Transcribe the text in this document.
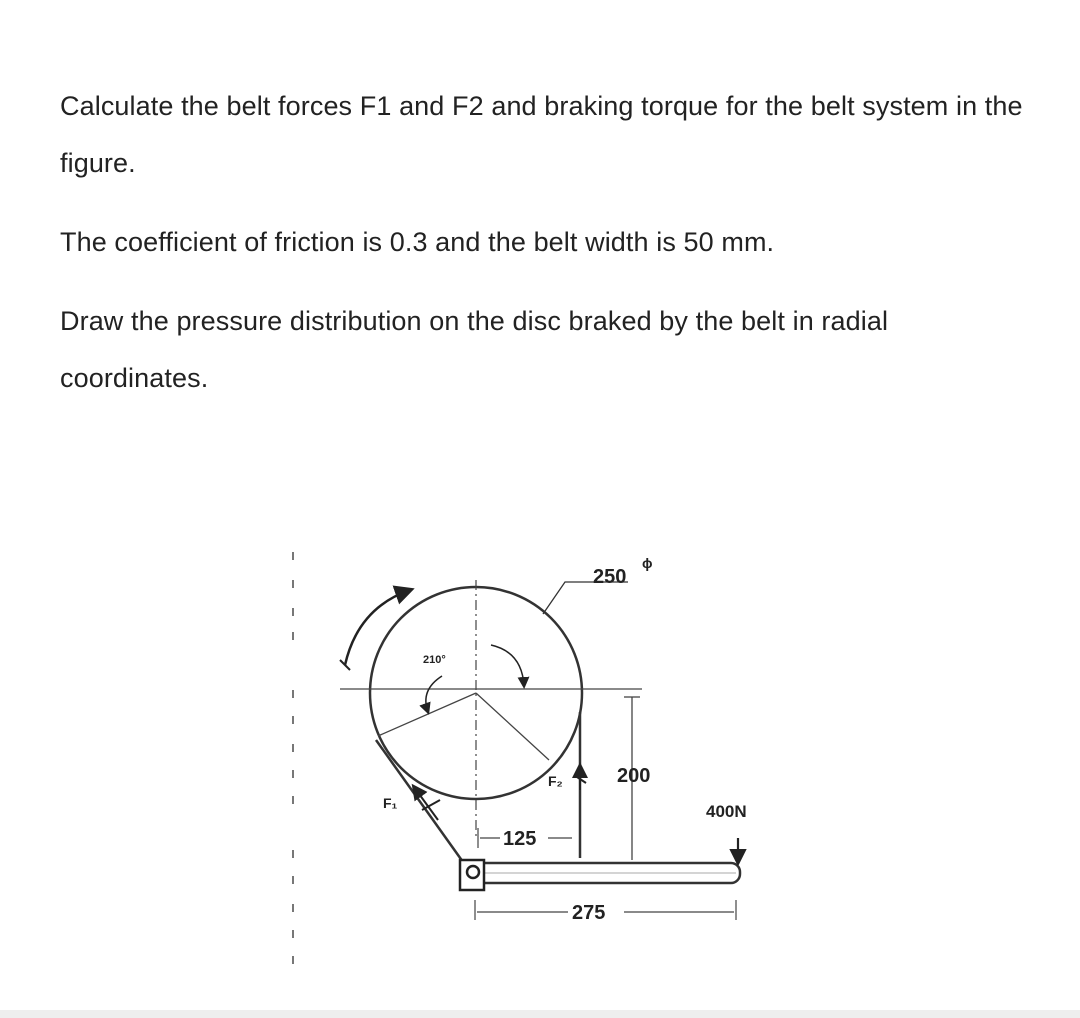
Calculate the belt forces F1 and F2 and braking torque for the belt system in the figure.

The coefficient of friction is 0.3 and the belt width is 50 mm.

Draw the pressure distribution on the disc braked by the belt in radial coordinates.

210°
250
ϕ
F₁
F₂	200
400N
125
275
